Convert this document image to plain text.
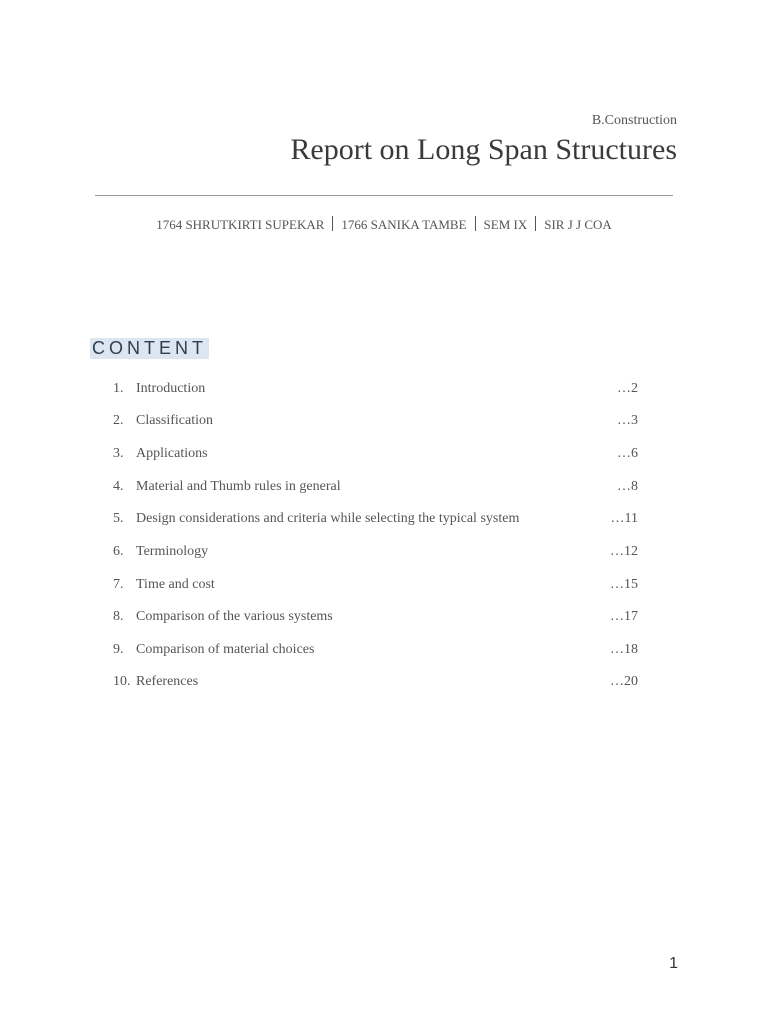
B.Construction
Report on Long Span Structures
1764 SHRUTKIRTI SUPEKAR 1766 SANIKA TAMBE SEM IX SIR J J COA
CONTENT
1. Introduction	…2
2. Classification	…3
3. Applications	…6
4. Material and Thumb rules in general	…8
5. Design considerations and criteria while selecting the typical system	…11
6. Terminology	…12
7. Time and cost	…15
8. Comparison of the various systems	…17
9. Comparison of material choices	…18
10. References	…20
1
